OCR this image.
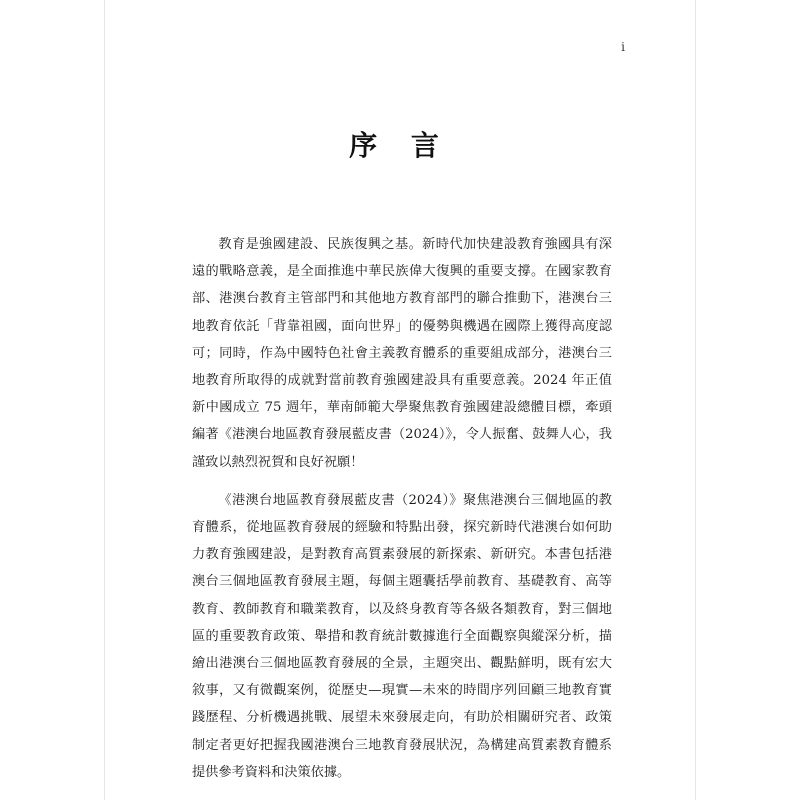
i
序 言

教育是強國建設、民族復興之基。新時代加快建設教育強國具有深遠的戰略意義，是全面推進中華民族偉大復興的重要支撐。在國家教育部、港澳台教育主管部門和其他地方教育部門的聯合推動下，港澳台三地教育依託「背靠祖國，面向世界」的優勢與機遇在國際上獲得高度認可；同時，作為中國特色社會主義教育體系的重要組成部分，港澳台三地教育所取得的成就對當前教育強國建設具有重要意義。2024 年正值新中國成立 75 週年，華南師範大學聚焦教育強國建設總體目標，牽頭編著《港澳台地區教育發展藍皮書（2024）》，令人振奮、鼓舞人心，我謹致以熱烈祝賀和良好祝願！

《港澳台地區教育發展藍皮書（2024）》聚焦港澳台三個地區的教育體系，從地區教育發展的經驗和特點出發，探究新時代港澳台如何助力教育強國建設，是對教育高質素發展的新探索、新研究。本書包括港澳台三個地區教育發展主題，每個主題囊括學前教育、基礎教育、高等教育、教師教育和職業教育，以及終身教育等各級各類教育，對三個地區的重要教育政策、舉措和教育統計數據進行全面觀察與縱深分析，描繪出港澳台三個地區教育發展的全景，主題突出、觀點鮮明，既有宏大敘事，又有微觀案例，從歷史—現實—未來的時間序列回顧三地教育實踐歷程、分析機遇挑戰、展望未來發展走向，有助於相關研究者、政策制定者更好把握我國港澳台三地教育發展狀況，為構建高質素教育體系提供參考資料和決策依據。
